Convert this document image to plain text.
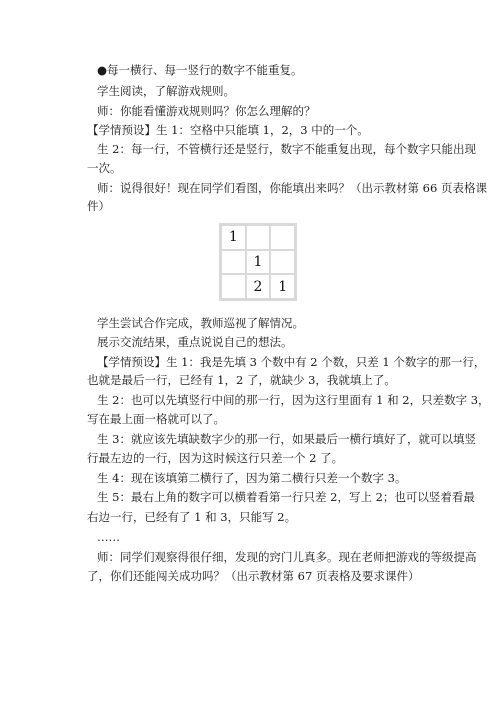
●每一横行、每一竖行的数字不能重复。
学生阅读，了解游戏规则。
师：你能看懂游戏规则吗？你怎么理解的？
【学情预设】生 1：空格中只能填 1，2，3 中的一个。
生 2：每一行，不管横行还是竖行，数字不能重复出现，每个数字只能出现
一次。
师：说得很好！现在同学们看图，你能填出来吗？（出示教材第 66 页表格课
件）
1
1
2	1
学生尝试合作完成，教师巡视了解情况。
展示交流结果，重点说说自己的想法。
【学情预设】生 1：我是先填 3 个数中有 2 个数，只差 1 个数字的那一行，
也就是最后一行，已经有 1，2 了，就缺少 3，我就填上了。
生 2：也可以先填竖行中间的那一行，因为这行里面有 1 和 2，只差数字 3，
写在最上面一格就可以了。
生 3：就应该先填缺数字少的那一行，如果最后一横行填好了，就可以填竖
行最左边的一行，因为这时候这行只差一个 2 了。
生 4：现在该填第二横行了，因为第二横行只差一个数字 3。
生 5：最右上角的数字可以横着看第一行只差 2，写上 2；也可以竖着看最
右边一行，已经有了 1 和 3，只能写 2。
……
师：同学们观察得很仔细，发现的窍门儿真多。现在老师把游戏的等级提高
了，你们还能闯关成功吗？（出示教材第 67 页表格及要求课件）
